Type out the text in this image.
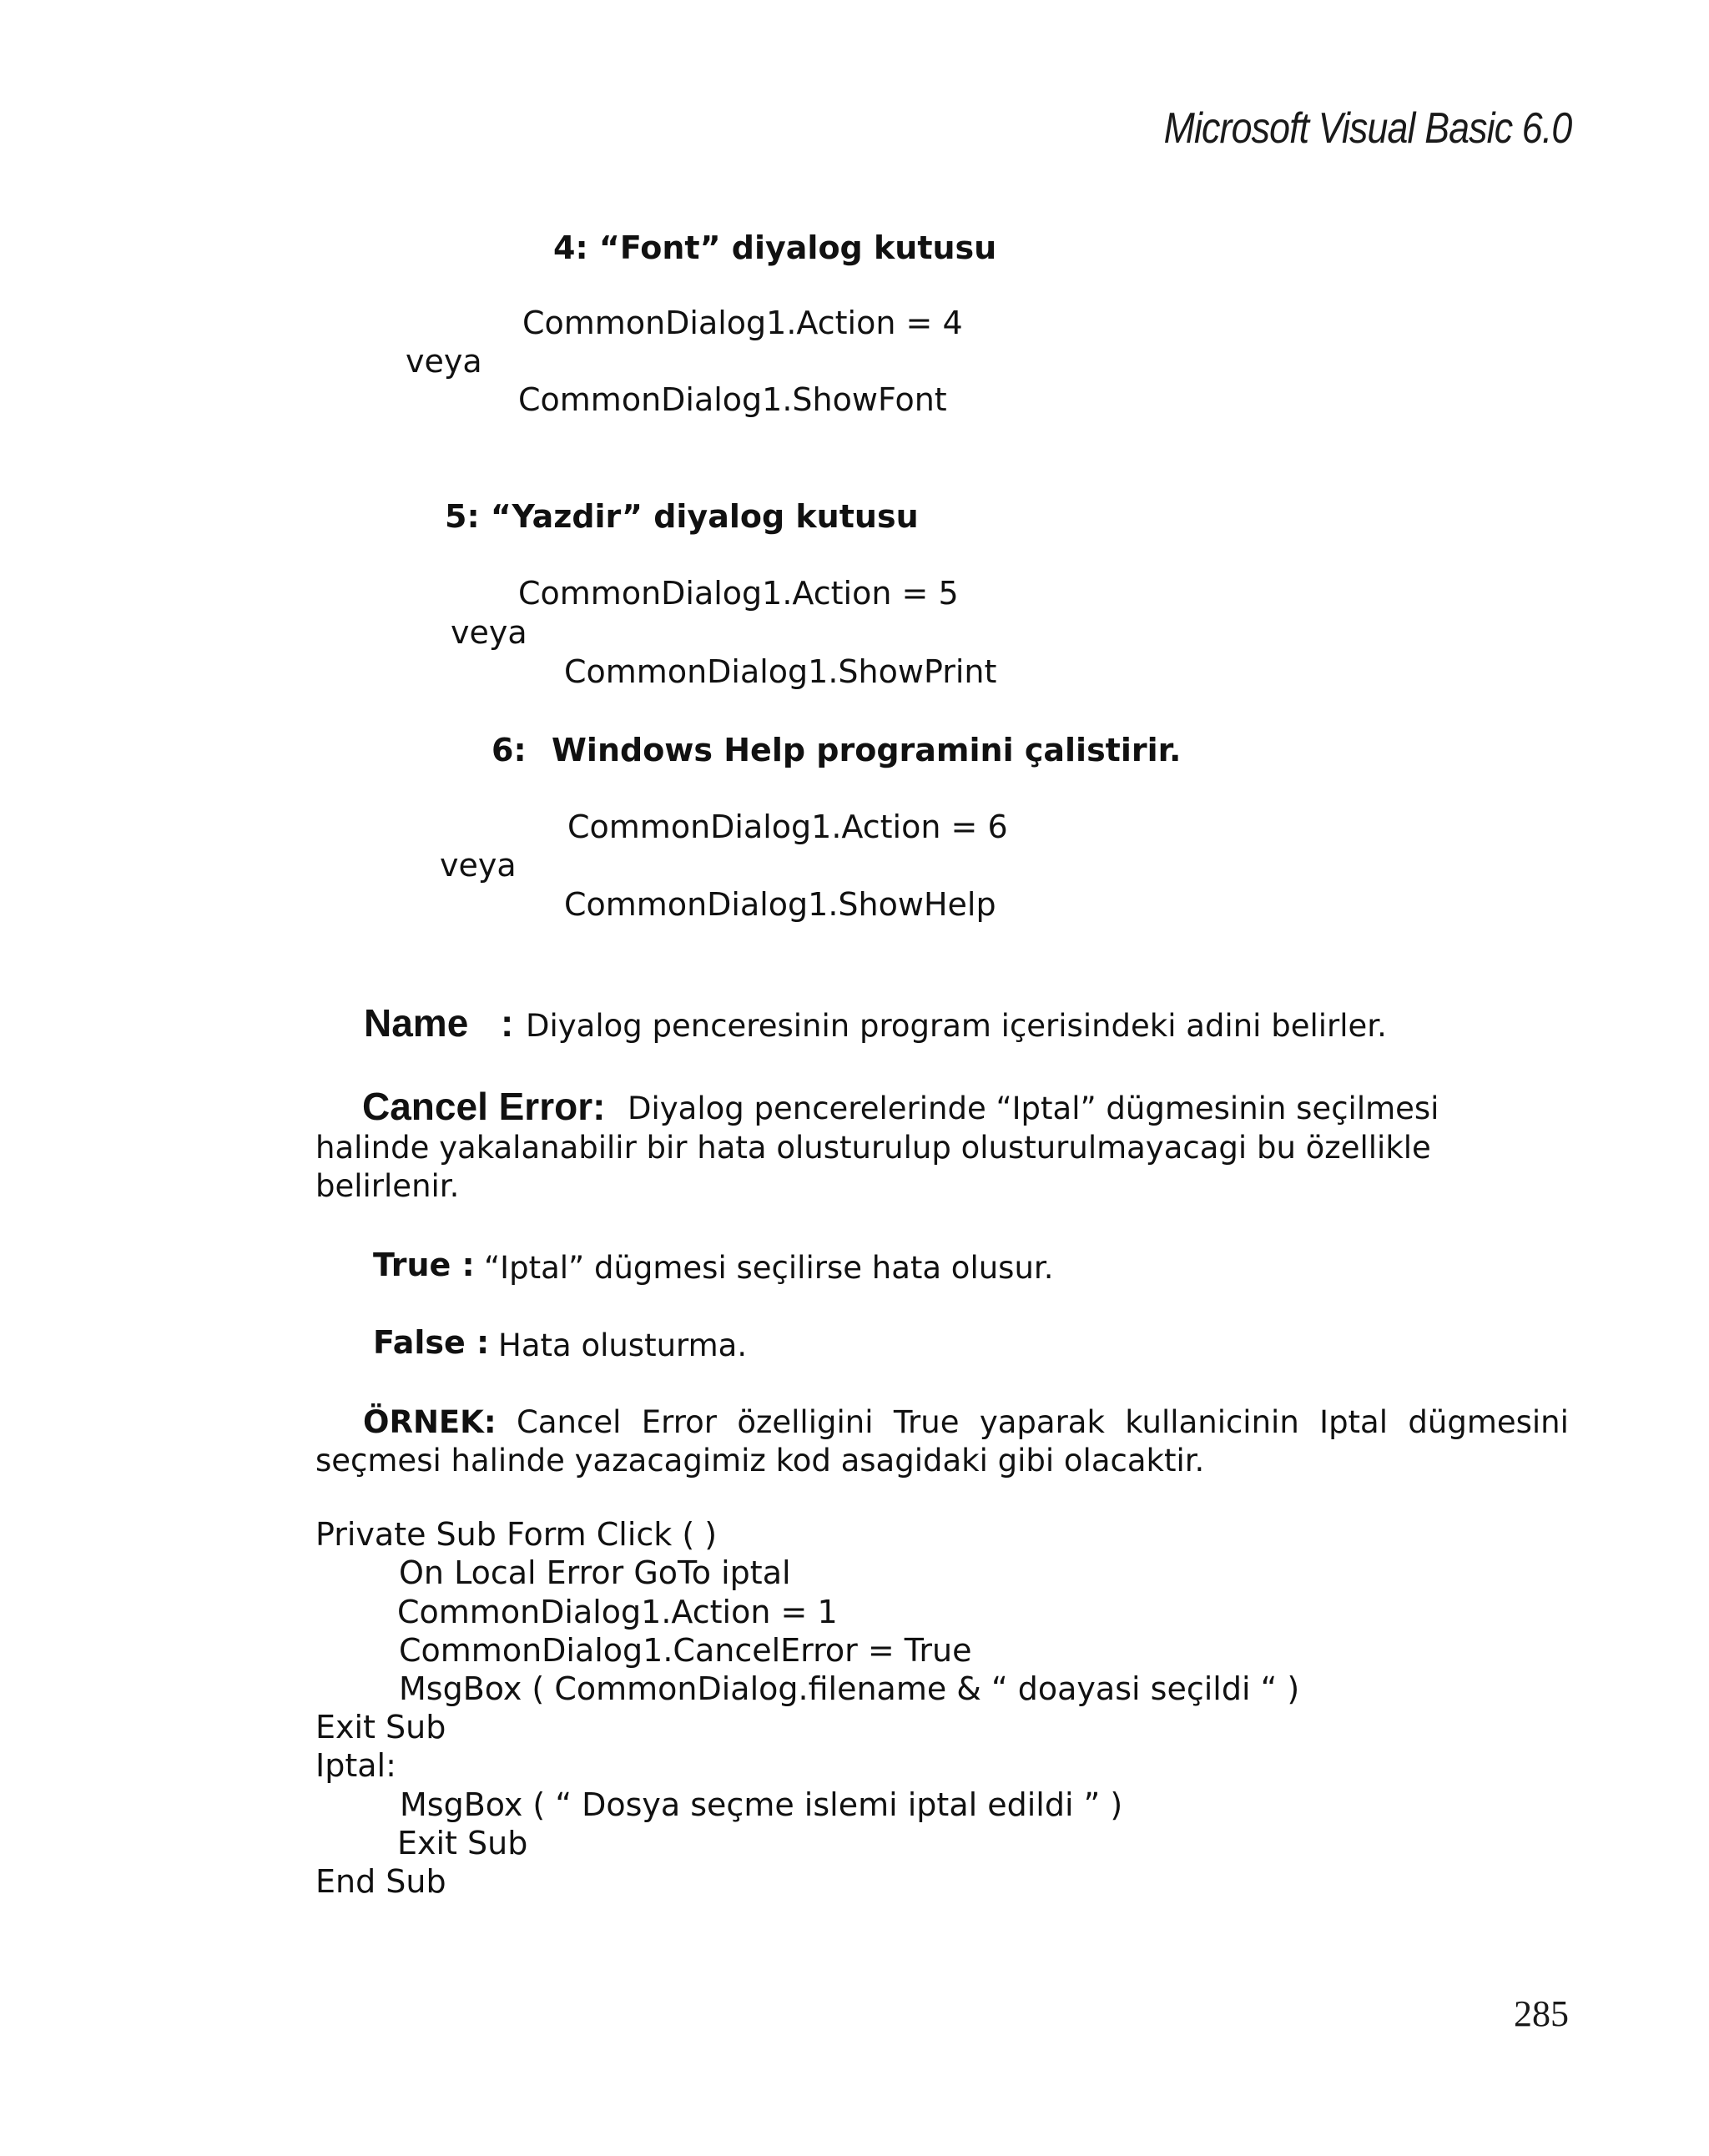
Microsoft Visual Basic 6.0
4: “Font” diyalog kutusu
CommonDialog1.Action = 4
veya
CommonDialog1.ShowFont
5: “Yazdir” diyalog kutusu
CommonDialog1.Action = 5
veya
CommonDialog1.ShowPrint
6: Windows Help programini çalistirir.
CommonDialog1.Action = 6
veya
CommonDialog1.ShowHelp
Name : Diyalog penceresinin program içerisindeki adini belirler.
Cancel Error: Diyalog pencerelerinde “Iptal” dügmesinin seçilmesi
halinde yakalanabilir bir hata olusturulup olusturulmayacagi bu özellikle
belirlenir.
True : “Iptal” dügmesi seçilirse hata olusur.
False : Hata olusturma.
ÖRNEK: Cancel Error özelligini True yaparak kullanicinin Iptal dügmesini
seçmesi halinde yazacagimiz kod asagidaki gibi olacaktir.
Private Sub Form Click ( )
On Local Error GoTo iptal
CommonDialog1.Action = 1
CommonDialog1.CancelError = True
MsgBox ( CommonDialog.filename & “ doayasi seçildi “ )
Exit Sub
Iptal:
MsgBox ( “ Dosya seçme islemi iptal edildi ” )
Exit Sub
End Sub
285
